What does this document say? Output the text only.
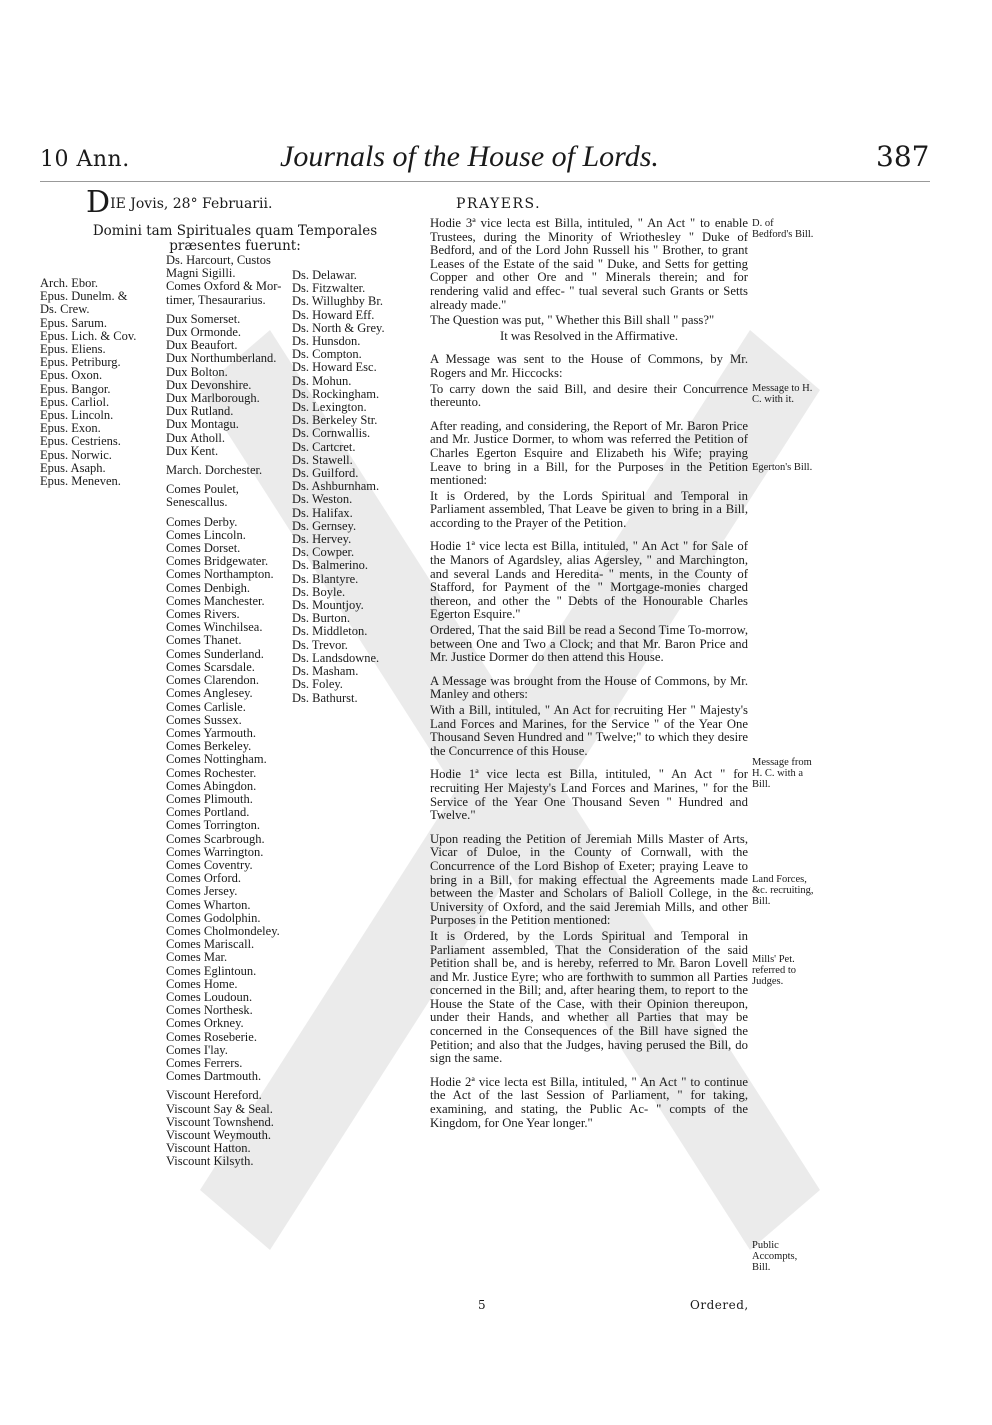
10 Ann.	Journals of the House of Lords.	387
DIE Jovis, 28° Februarii.
Domini tam Spirituales quam Temporales præsentes fuerunt:
Arch. Ebor.
Epus. Dunelm. &
Ds. Crew.
Epus. Sarum.
Epus. Lich. & Cov.
Epus. Eliens.
Epus. Petriburg.
Epus. Oxon.
Epus. Bangor.
Epus. Carliol.
Epus. Lincoln.
Epus. Exon.
Epus. Cestriens.
Epus. Norwic.
Epus. Asaph.
Epus. Meneven.
Ds. Harcourt, Custos
Magni Sigilli.
Comes Oxford & Mor-
timer, Thesaurarius.
Dux Somerset.
Dux Ormonde.
Dux Beaufort.
Dux Northumberland.
Dux Bolton.
Dux Devonshire.
Dux Marlborough.
Dux Rutland.
Dux Montagu.
Dux Atholl.
Dux Kent.
March. Dorchester.
Comes Poulet,
Senescallus.
Comes Derby.
Comes Lincoln.
Comes Dorset.
Comes Bridgewater.
Comes Northampton.
Comes Denbigh.
Comes Manchester.
Comes Rivers.
Comes Winchilsea.
Comes Thanet.
Comes Sunderland.
Comes Scarsdale.
Comes Clarendon.
Comes Anglesey.
Comes Carlisle.
Comes Sussex.
Comes Yarmouth.
Comes Berkeley.
Comes Nottingham.
Comes Rochester.
Comes Abingdon.
Comes Plimouth.
Comes Portland.
Comes Torrington.
Comes Scarbrough.
Comes Warrington.
Comes Coventry.
Comes Orford.
Comes Jersey.
Comes Wharton.
Comes Godolphin.
Comes Cholmondeley.
Comes Mariscall.
Comes Mar.
Comes Eglintoun.
Comes Home.
Comes Loudoun.
Comes Northesk.
Comes Orkney.
Comes Roseberie.
Comes I'lay.
Comes Ferrers.
Comes Dartmouth.
Viscount Hereford.
Viscount Say & Seal.
Viscount Townshend.
Viscount Weymouth.
Viscount Hatton.
Viscount Kilsyth.
Ds. Delawar.
Ds. Fitzwalter.
Ds. Willughby Br.
Ds. Howard Eff.
Ds. North & Grey.
Ds. Hunsdon.
Ds. Compton.
Ds. Howard Esc.
Ds. Mohun.
Ds. Rockingham.
Ds. Lexington.
Ds. Berkeley Str.
Ds. Cornwallis.
Ds. Cartcret.
Ds. Stawell.
Ds. Guilford.
Ds. Ashburnham.
Ds. Weston.
Ds. Halifax.
Ds. Gernsey.
Ds. Hervey.
Ds. Cowper.
Ds. Balmerino.
Ds. Blantyre.
Ds. Boyle.
Ds. Mountjoy.
Ds. Burton.
Ds. Middleton.
Ds. Trevor.
Ds. Landsdowne.
Ds. Masham.
Ds. Foley.
Ds. Bathurst.
PRAYERS.

Hodie 3ª vice lecta est Billa, intituled, " An Act " to enable Trustees, during the Minority of Wriothesley " Duke of Bedford, and of the Lord John Russell his " Brother, to grant Leases of the Estate of the said " Duke, and Setts for getting Copper and other Ore and " Minerals therein; and for rendering valid and effec- " tual several such Grants or Setts already made."

The Question was put, " Whether this Bill shall " pass?"

It was Resolved in the Affirmative.

A Message was sent to the House of Commons, by Mr. Rogers and Mr. Hiccocks:

To carry down the said Bill, and desire their Concurrence thereunto.

After reading, and considering, the Report of Mr. Baron Price and Mr. Justice Dormer, to whom was referred the Petition of Charles Egerton Esquire and Elizabeth his Wife; praying Leave to bring in a Bill, for the Purposes in the Petition mentioned:

It is Ordered, by the Lords Spiritual and Temporal in Parliament assembled, That Leave be given to bring in a Bill, according to the Prayer of the Petition.

Hodie 1ª vice lecta est Billa, intituled, " An Act " for Sale of the Manors of Agardsley, alias Agersley, " and Marchington, and several Lands and Heredita- " ments, in the County of Stafford, for Payment of the " Mortgage-monies charged thereon, and other the " Debts of the Honourable Charles Egerton Esquire."

Ordered, That the said Bill be read a Second Time To-morrow, between One and Two a Clock; and that Mr. Baron Price and Mr. Justice Dormer do then attend this House.

A Message was brought from the House of Commons, by Mr. Manley and others:

With a Bill, intituled, " An Act for recruiting Her " Majesty's Land Forces and Marines, for the Service " of the Year One Thousand Seven Hundred and " Twelve;" to which they desire the Concurrence of this House.

Hodie 1ª vice lecta est Billa, intituled, " An Act " for recruiting Her Majesty's Land Forces and Marines, " for the Service of the Year One Thousand Seven " Hundred and Twelve."

Upon reading the Petition of Jeremiah Mills Master of Arts, Vicar of Duloe, in the County of Cornwall, with the Concurrence of the Lord Bishop of Exeter; praying Leave to bring in a Bill, for making effectual the Agreements made between the Master and Scholars of Balioll College, in the University of Oxford, and the said Jeremiah Mills, and other Purposes in the Petition mentioned:

It is Ordered, by the Lords Spiritual and Temporal in Parliament assembled, That the Consideration of the said Petition shall be, and is hereby, referred to Mr. Baron Lovell and Mr. Justice Eyre; who are forthwith to summon all Parties concerned in the Bill; and, after hearing them, to report to the House the State of the Case, with their Opinion thereupon, under their Hands, and whether all Parties that may be concerned in the Consequences of the Bill have signed the Petition; and also that the Judges, having perused the Bill, do sign the same.

Hodie 2ª vice lecta est Billa, intituled, " An Act " to continue the Act of the last Session of Parliament, " for taking, examining, and stating, the Public Ac- " compts of the Kingdom, for One Year longer."

D. of Bedford's Bill.
Message to H. C. with it.
Egerton's Bill.
Message from H. C. with a Bill.
Land Forces, &c. recruiting, Bill.
Mills' Pet. referred to Judges.
Public Accompts, Bill.
5	Ordered,
